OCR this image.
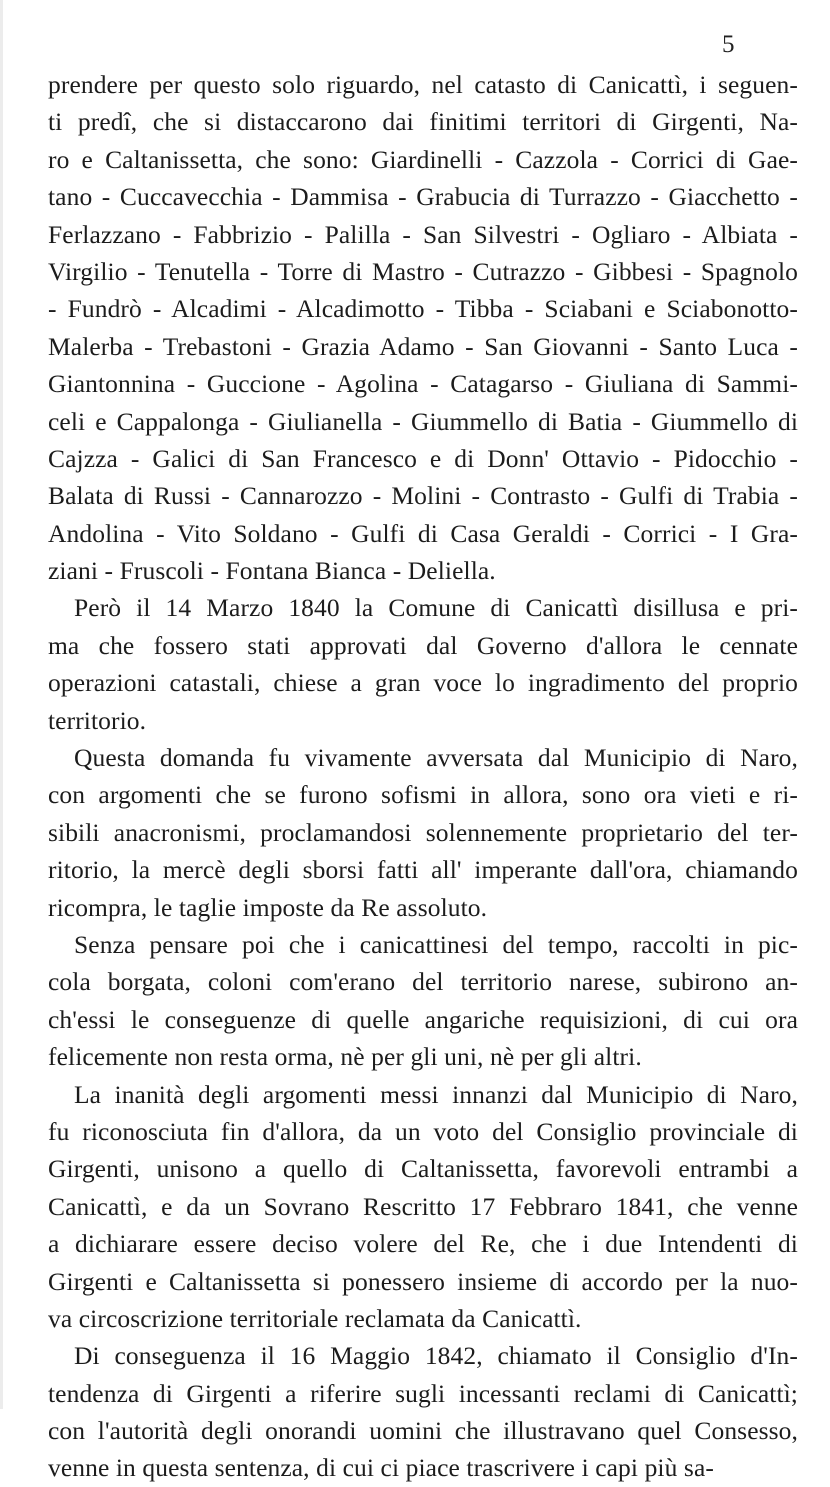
5
prendere per questo solo riguardo, nel catasto di Canicattì, i seguen-
ti predî, che si distaccarono dai finitimi territori di Girgenti, Na-
ro e Caltanissetta, che sono: Giardinelli - Cazzola - Corrici di Gae-
tano - Cuccavecchia - Dammisa - Grabucia di Turrazzo - Giacchetto -
Ferlazzano - Fabbrizio - Palilla - San Silvestri - Ogliaro - Albiata -
Virgilio - Tenutella - Torre di Mastro - Cutrazzo - Gibbesi - Spagnolo
- Fundrò - Alcadimi - Alcadimotto - Tibba - Sciabani e Sciabonotto-
Malerba - Trebastoni - Grazia Adamo - San Giovanni - Santo Luca -
Giantonnina - Guccione - Agolina - Catagarso - Giuliana di Sammi-
celi e Cappalonga - Giulianella - Giummello di Batia - Giummello di
Cajzza - Galici di San Francesco e di Donn' Ottavio - Pidocchio -
Balata di Russi - Cannarozzo - Molini - Contrasto - Gulfi di Trabia -
Andolina - Vito Soldano - Gulfi di Casa Geraldi - Corrici - I Gra-
ziani - Fruscoli - Fontana Bianca - Deliella.
Però il 14 Marzo 1840 la Comune di Canicattì disillusa e pri-
ma che fossero stati approvati dal Governo d'allora le cennate
operazioni catastali, chiese a gran voce lo ingradimento del proprio
territorio.
Questa domanda fu vivamente avversata dal Municipio di Naro,
con argomenti che se furono sofismi in allora, sono ora vieti e ri-
sibili anacronismi, proclamandosi solennemente proprietario del ter-
ritorio, la mercè degli sborsi fatti all' imperante dall'ora, chiamando
ricompra, le taglie imposte da Re assoluto.
Senza pensare poi che i canicattinesi del tempo, raccolti in pic-
cola borgata, coloni com'erano del territorio narese, subirono an-
ch'essi le conseguenze di quelle angariche requisizioni, di cui ora
felicemente non resta orma, nè per gli uni, nè per gli altri.
La inanità degli argomenti messi innanzi dal Municipio di Naro,
fu riconosciuta fin d'allora, da un voto del Consiglio provinciale di
Girgenti, unisono a quello di Caltanissetta, favorevoli entrambi a
Canicattì, e da un Sovrano Rescritto 17 Febbraro 1841, che venne
a dichiarare essere deciso volere del Re, che i due Intendenti di
Girgenti e Caltanissetta si ponessero insieme di accordo per la nuo-
va circoscrizione territoriale reclamata da Canicattì.
Di conseguenza il 16 Maggio 1842, chiamato il Consiglio d'In-
tendenza di Girgenti a riferire sugli incessanti reclami di Canicattì;
con l'autorità degli onorandi uomini che illustravano quel Consesso,
venne in questa sentenza, di cui ci piace trascrivere i capi più sa-
